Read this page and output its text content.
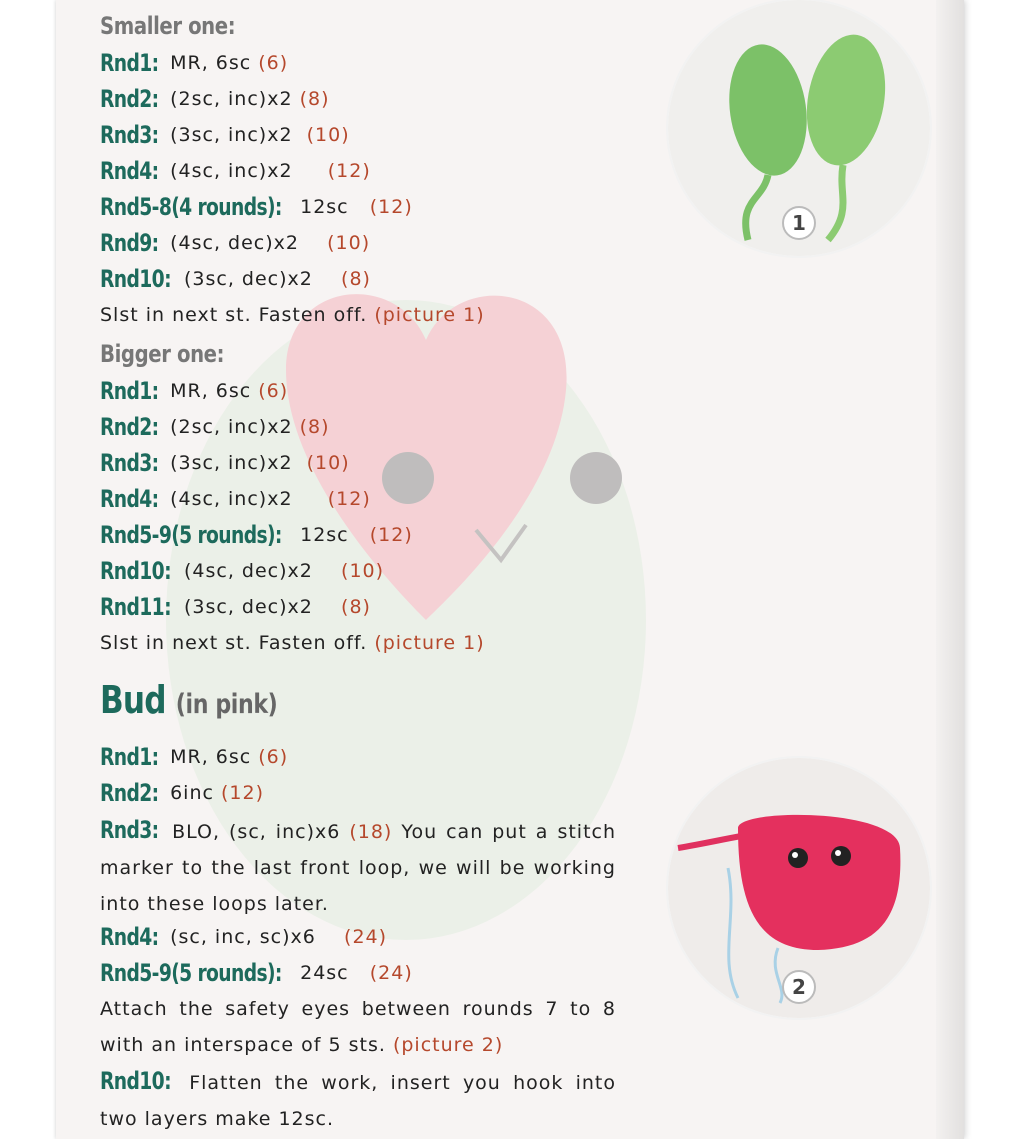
Smaller one:
Rnd1: MR, 6sc (6)
Rnd2: (2sc, inc)x2 (8)
Rnd3: (3sc, inc)x2 (10)
Rnd4: (4sc, inc)x2 (12)
Rnd5-8(4 rounds): 12sc (12)
Rnd9: (4sc, dec)x2 (10)
Rnd10: (3sc, dec)x2 (8)
Slst in next st. Fasten off. (picture 1)
Bigger one:
Rnd1: MR, 6sc (6)
Rnd2: (2sc, inc)x2 (8)
Rnd3: (3sc, inc)x2 (10)
Rnd4: (4sc, inc)x2 (12)
Rnd5-9(5 rounds): 12sc (12)
Rnd10: (4sc, dec)x2 (10)
Rnd11: (3sc, dec)x2 (8)
Slst in next st. Fasten off. (picture 1)
Bud (in pink)
Rnd1: MR, 6sc (6)
Rnd2: 6inc (12)
Rnd3: BLO, (sc, inc)x6 (18) You can put a stitch marker to the last front loop, we will be working into these loops later.
Rnd4: (sc, inc, sc)x6 (24)
Rnd5-9(5 rounds): 24sc (24)
Attach the safety eyes between rounds 7 to 8 with an interspace of 5 sts. (picture 2)
Rnd10: Flatten the work, insert you hook into two layers make 12sc.
1
2
